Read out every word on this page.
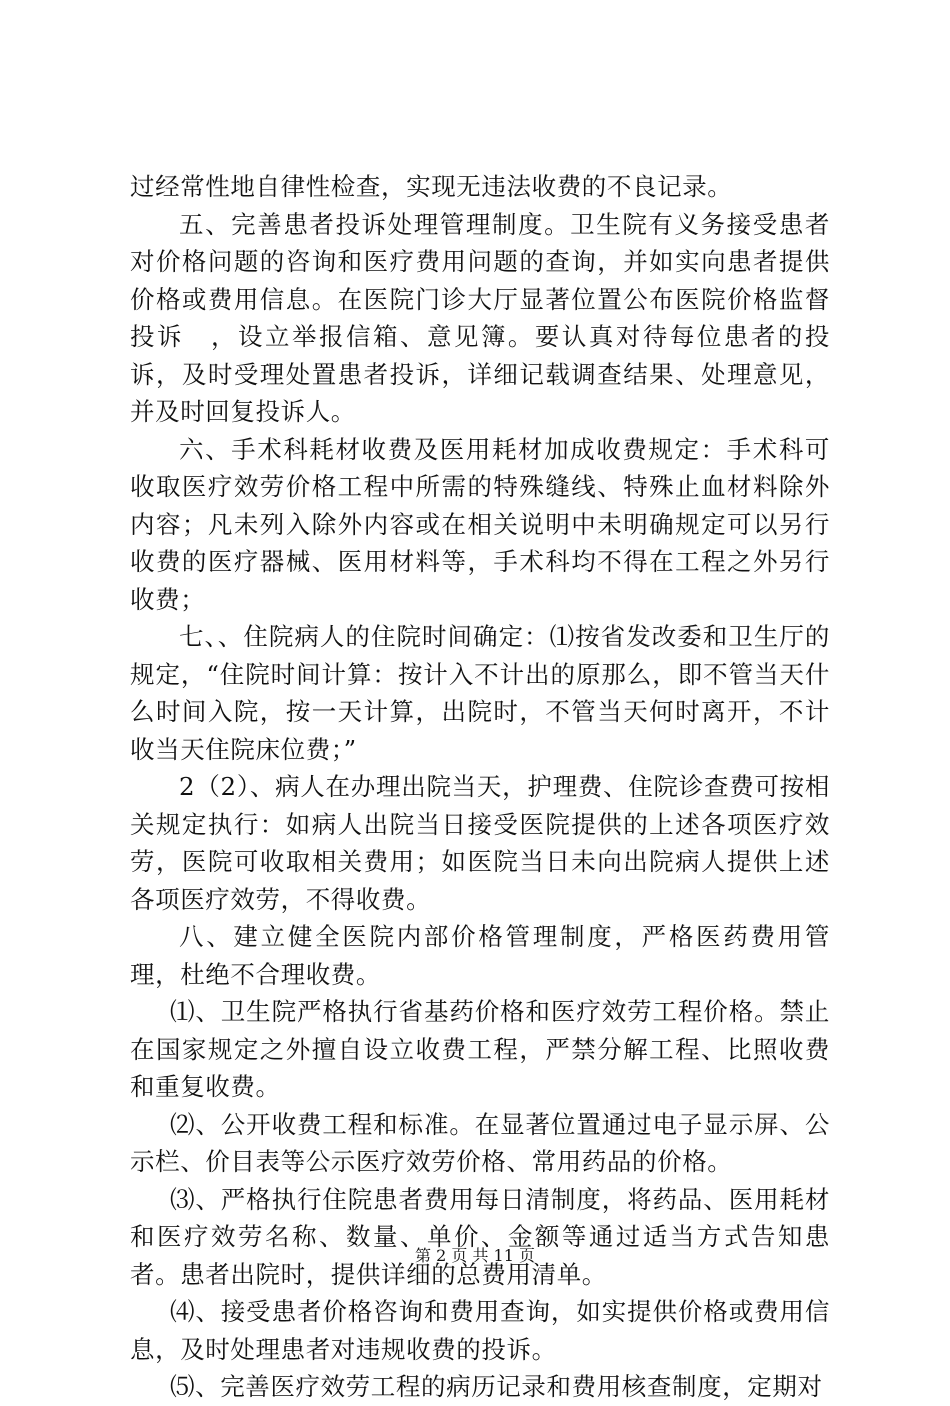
过经常性地自律性检查，实现无违法收费的不良记录。

五、完善患者投诉处理管理制度。卫生院有义务接受患者对价格问题的咨询和医疗费用问题的查询，并如实向患者提供价格或费用信息。在医院门诊大厅显著位置公布医院价格监督投诉　，设立举报信箱、意见簿。要认真对待每位患者的投诉，及时受理处置患者投诉，详细记载调查结果、处理意见，并及时回复投诉人。

六、手术科耗材收费及医用耗材加成收费规定：手术科可收取医疗效劳价格工程中所需的特殊缝线、特殊止血材料除外内容；凡未列入除外内容或在相关说明中未明确规定可以另行收费的医疗器械、医用材料等，手术科均不得在工程之外另行收费；

七、、住院病人的住院时间确定：⑴按省发改委和卫生厅的规定，“住院时间计算：按计入不计出的原那么，即不管当天什么时间入院，按一天计算，出院时，不管当天何时离开，不计收当天住院床位费；”

2（2）、病人在办理出院当天，护理费、住院诊查费可按相关规定执行：如病人出院当日接受医院提供的上述各项医疗效劳，医院可收取相关费用；如医院当日未向出院病人提供上述各项医疗效劳，不得收费。

八、建立健全医院内部价格管理制度，严格医药费用管理，杜绝不合理收费。

⑴、卫生院严格执行省基药价格和医疗效劳工程价格。禁止在国家规定之外擅自设立收费工程，严禁分解工程、比照收费和重复收费。

⑵、公开收费工程和标准。在显著位置通过电子显示屏、公示栏、价目表等公示医疗效劳价格、常用药品的价格。

⑶、严格执行住院患者费用每日清制度，将药品、医用耗材和医疗效劳名称、数量、单价、金额等通过适当方式告知患者。患者出院时，提供详细的总费用清单。

⑷、接受患者价格咨询和费用查询，如实提供价格或费用信息，及时处理患者对违规收费的投诉。

⑸、完善医疗效劳工程的病历记录和费用核查制度，定期对

第 2 页 共 11 页
